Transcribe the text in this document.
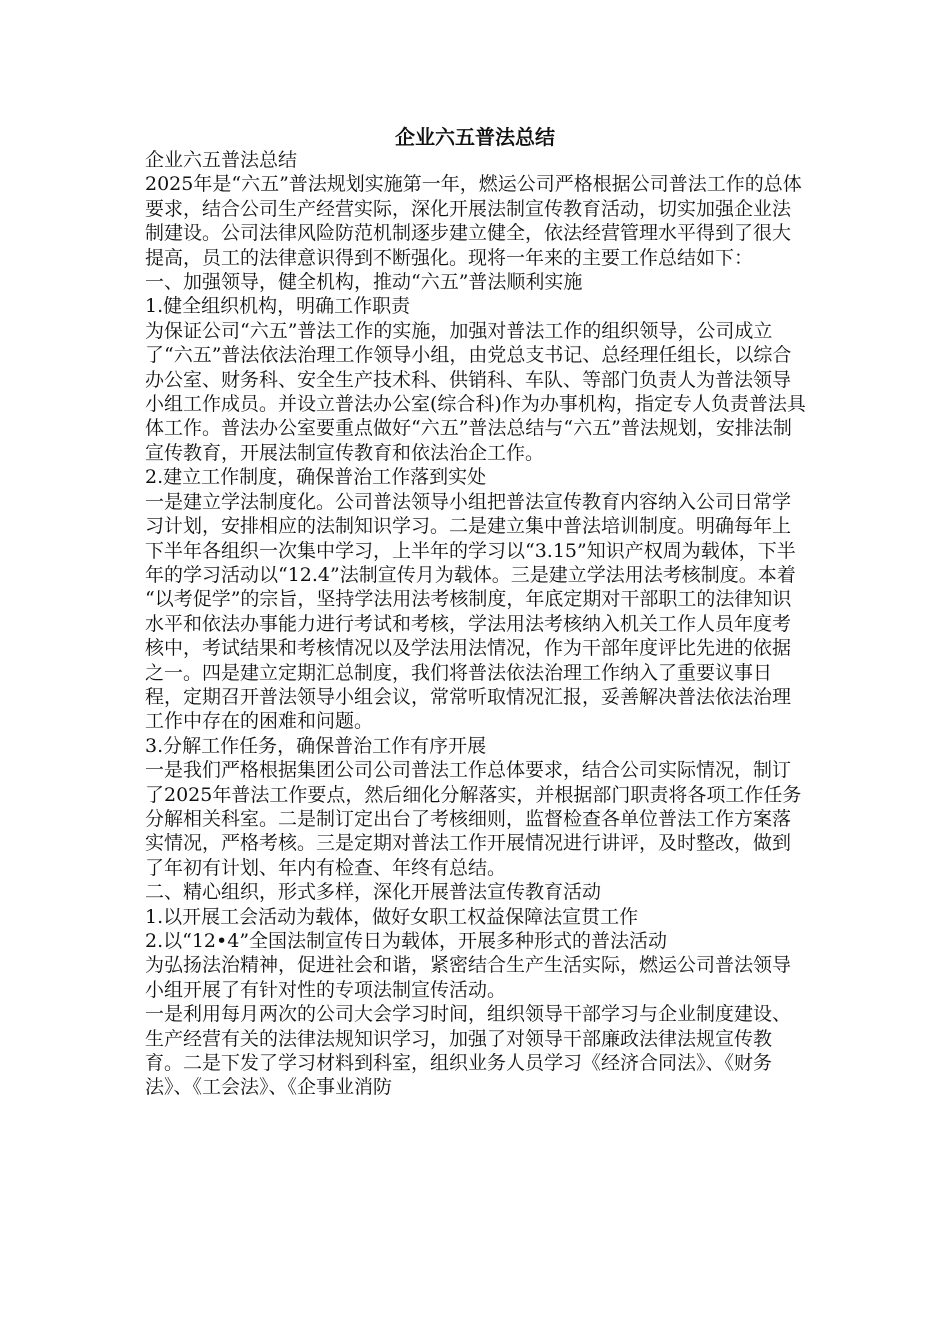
企业六五普法总结

企业六五普法总结

2025年是“六五”普法规划实施第一年，燃运公司严格根据公司普法工作的总体要求，结合公司生产经营实际，深化开展法制宣传教育活动，切实加强企业法制建设。公司法律风险防范机制逐步建立健全，依法经营管理水平得到了很大提高，员工的法律意识得到不断强化。现将一年来的主要工作总结如下：

一、加强领导，健全机构，推动“六五”普法顺利实施

1.健全组织机构，明确工作职责

为保证公司“六五”普法工作的实施，加强对普法工作的组织领导，公司成立了“六五”普法依法治理工作领导小组，由党总支书记、总经理任组长，以综合办公室、财务科、安全生产技术科、供销科、车队、等部门负责人为普法领导小组工作成员。并设立普法办公室(综合科)作为办事机构，指定专人负责普法具体工作。普法办公室要重点做好“六五”普法总结与“六五”普法规划，安排法制宣传教育，开展法制宣传教育和依法治企工作。

2.建立工作制度，确保普治工作落到实处

一是建立学法制度化。公司普法领导小组把普法宣传教育内容纳入公司日常学习计划，安排相应的法制知识学习。二是建立集中普法培训制度。明确每年上下半年各组织一次集中学习，上半年的学习以“3.15”知识产权周为载体，下半年的学习活动以“12.4”法制宣传月为载体。三是建立学法用法考核制度。本着 “以考促学”的宗旨，坚持学法用法考核制度，年底定期对干部职工的法律知识水平和依法办事能力进行考试和考核，学法用法考核纳入机关工作人员年度考核中，考试结果和考核情况以及学法用法情况，作为干部年度评比先进的依据之一。四是建立定期汇总制度，我们将普法依法治理工作纳入了重要议事日程，定期召开普法领导小组会议，常常听取情况汇报，妥善解决普法依法治理工作中存在的困难和问题。

3.分解工作任务，确保普治工作有序开展

一是我们严格根据集团公司公司普法工作总体要求，结合公司实际情况，制订了2025年普法工作要点，然后细化分解落实，并根据部门职责将各项工作任务分解相关科室。二是制订定出台了考核细则，监督检查各单位普法工作方案落实情况，严格考核。三是定期对普法工作开展情况进行讲评，及时整改，做到了年初有计划、年内有检查、年终有总结。

二、精心组织，形式多样，深化开展普法宣传教育活动

1.以开展工会活动为载体，做好女职工权益保障法宣贯工作

2.以“12•4”全国法制宣传日为载体，开展多种形式的普法活动

为弘扬法治精神，促进社会和谐，紧密结合生产生活实际，燃运公司普法领导小组开展了有针对性的专项法制宣传活动。

一是利用每月两次的公司大会学习时间，组织领导干部学习与企业制度建设、生产经营有关的法律法规知识学习，加强了对领导干部廉政法律法规宣传教育。二是下发了学习材料到科室，组织业务人员学习《经济合同法》、《财务法》、《工会法》、《企事业消防
